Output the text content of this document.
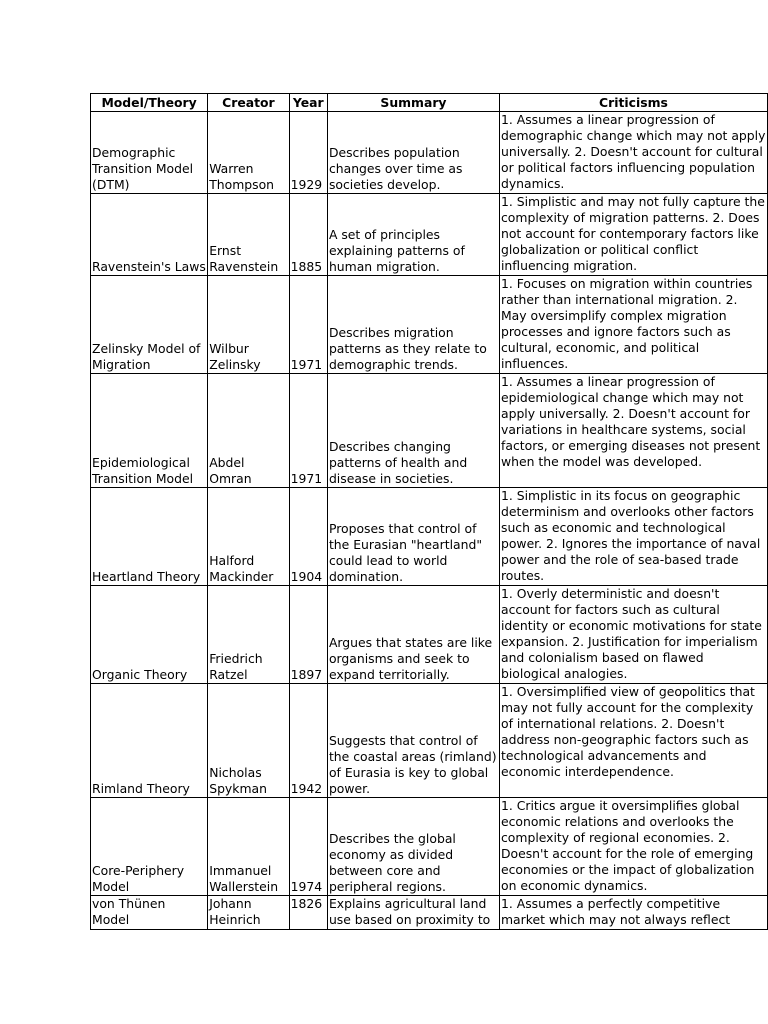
Model/Theory	Creator	Year	Summary	Criticisms
Demographic Transition Model (DTM)	Warren Thompson	1929	Describes population changes over time as societies develop.	1. Assumes a linear progression of demographic change which may not apply universally. 2. Doesn't account for cultural or political factors influencing population dynamics.

Ravenstein's Laws	Ernst Ravenstein	1885	A set of principles explaining patterns of human migration.	1. Simplistic and may not fully capture the complexity of migration patterns. 2. Does not account for contemporary factors like globalization or political conflict influencing migration.

Zelinsky Model of Migration	Wilbur Zelinsky	1971	Describes migration patterns as they relate to demographic trends.	1. Focuses on migration within countries rather than international migration. 2. May oversimplify complex migration processes and ignore factors such as cultural, economic, and political influences.

Epidemiological Transition Model	Abdel Omran	1971	Describes changing patterns of health and disease in societies.	1. Assumes a linear progression of epidemiological change which may not apply universally. 2. Doesn't account for variations in healthcare systems, social factors, or emerging diseases not present when the model was developed.

Heartland Theory	Halford Mackinder	1904	Proposes that control of the Eurasian "heartland" could lead to world domination.	1. Simplistic in its focus on geographic determinism and overlooks other factors such as economic and technological power. 2. Ignores the importance of naval power and the role of sea-based trade routes.

Organic Theory	Friedrich Ratzel	1897	Argues that states are like organisms and seek to expand territorially.	1. Overly deterministic and doesn't account for factors such as cultural identity or economic motivations for state expansion. 2. Justification for imperialism and colonialism based on flawed biological analogies.

Rimland Theory	Nicholas Spykman	1942	Suggests that control of the coastal areas (rimland) of Eurasia is key to global power.	1. Oversimplified view of geopolitics that may not fully account for the complexity of international relations. 2. Doesn't address non-geographic factors such as technological advancements and economic interdependence.

Core-Periphery Model	Immanuel Wallerstein	1974	Describes the global economy as divided between core and peripheral regions.	1. Critics argue it oversimplifies global economic relations and overlooks the complexity of regional economies. 2. Doesn't account for the role of emerging economies or the impact of globalization on economic dynamics.

von Thünen Model	Johann Heinrich	1826	Explains agricultural land use based on proximity to	1. Assumes a perfectly competitive market which may not always reflect
